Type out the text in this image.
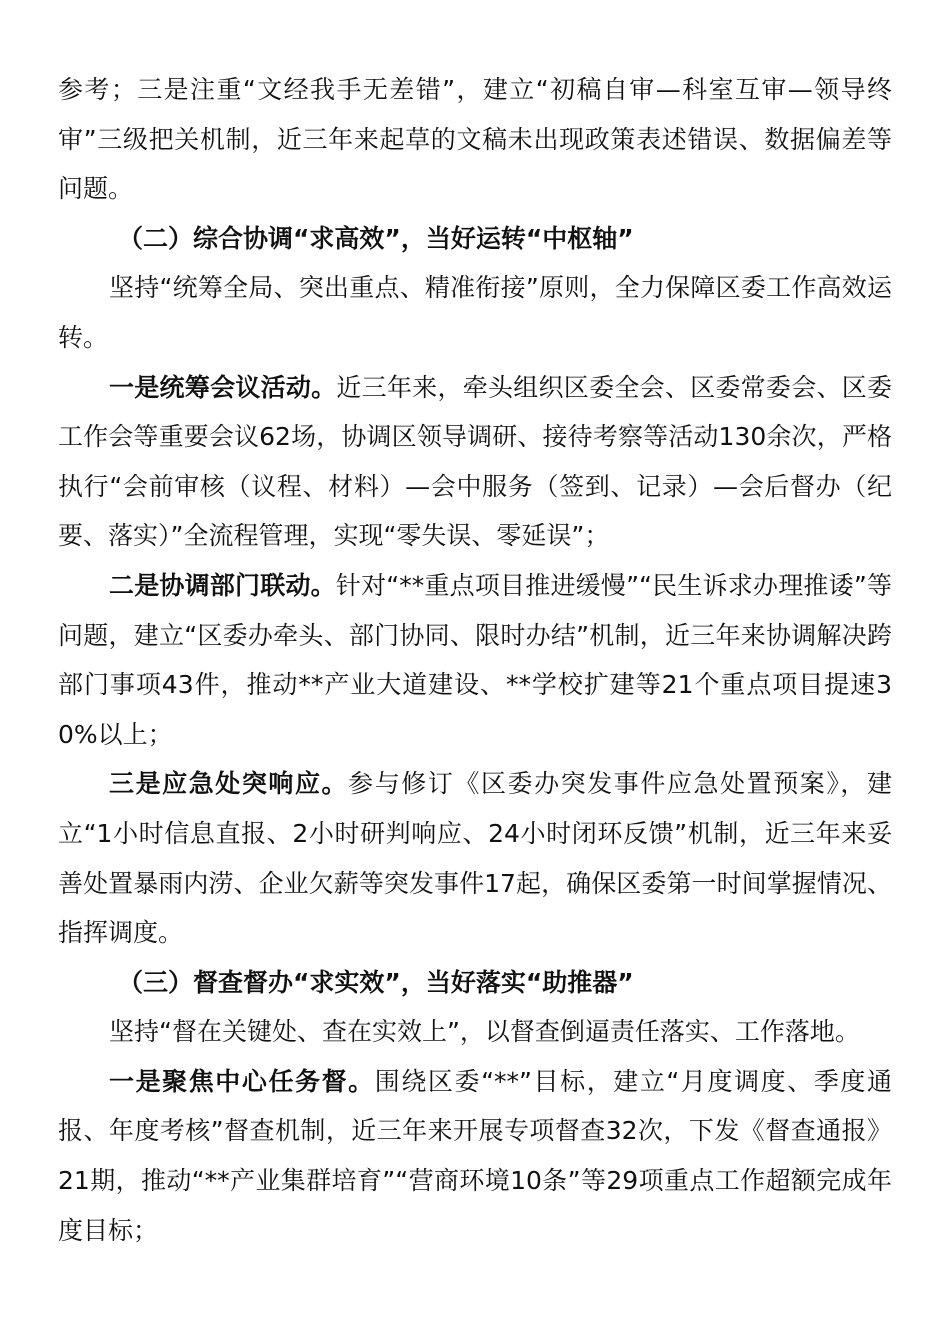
参考；三是注重“文经我手无差错”，建立“初稿自审—科室互审—领导终审”三级把关机制，近三年来起草的文稿未出现政策表述错误、数据偏差等问题。

（二）综合协调“求高效”，当好运转“中枢轴”

坚持“统筹全局、突出重点、精准衔接”原则，全力保障区委工作高效运转。

一是统筹会议活动。近三年来，牵头组织区委全会、区委常委会、区委工作会等重要会议62场，协调区领导调研、接待考察等活动130余次，严格执行“会前审核（议程、材料）—会中服务（签到、记录）—会后督办（纪要、落实）”全流程管理，实现“零失误、零延误”；

二是协调部门联动。针对“**重点项目推进缓慢”“民生诉求办理推诿”等问题，建立“区委办牵头、部门协同、限时办结”机制，近三年来协调解决跨部门事项43件，推动**产业大道建设、**学校扩建等21个重点项目提速30%以上；

三是应急处突响应。参与修订《区委办突发事件应急处置预案》，建立“1小时信息直报、2小时研判响应、24小时闭环反馈”机制，近三年来妥善处置暴雨内涝、企业欠薪等突发事件17起，确保区委第一时间掌握情况、指挥调度。

（三）督查督办“求实效”，当好落实“助推器”

坚持“督在关键处、查在实效上”，以督查倒逼责任落实、工作落地。

一是聚焦中心任务督。围绕区委“**”目标，建立“月度调度、季度通报、年度考核”督查机制，近三年来开展专项督查32次，下发《督查通报》21期，推动“**产业集群培育”“营商环境10条”等29项重点工作超额完成年度目标；
